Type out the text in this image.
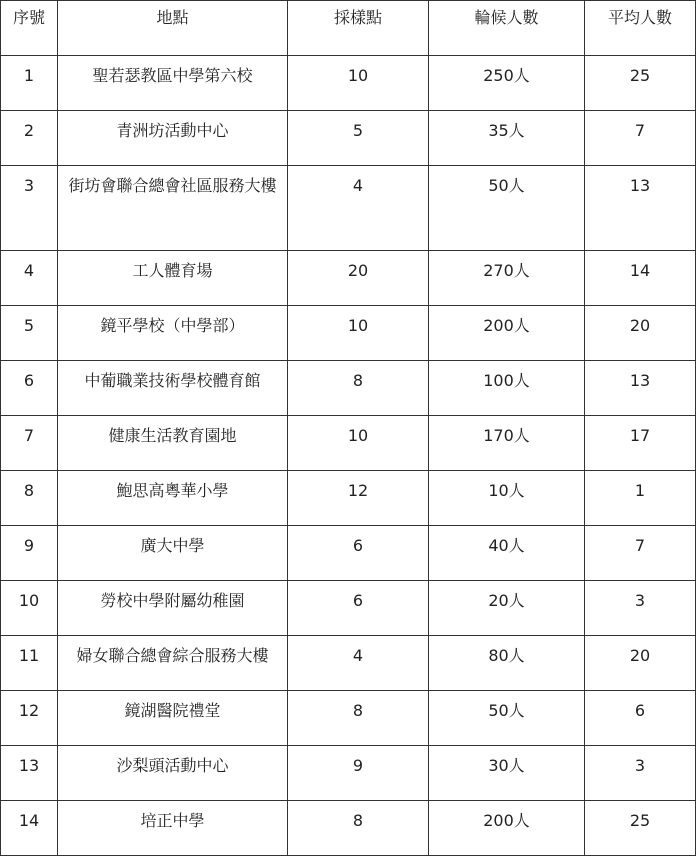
序號	地點	採樣點	輪候人數	平均人數
1	聖若瑟教區中學第六校	10	250人	25
2	青洲坊活動中心	5	35人	7
3	街坊會聯合總會社區服務大樓	4	50人	13
4	工人體育場	20	270人	14
5	鏡平學校（中學部）	10	200人	20
6	中葡職業技術學校體育館	8	100人	13
7	健康生活教育園地	10	170人	17
8	鮑思高粵華小學	12	10人	1
9	廣大中學	6	40人	7
10	勞校中學附屬幼稚園	6	20人	3
11	婦女聯合總會綜合服務大樓	4	80人	20
12	鏡湖醫院禮堂	8	50人	6
13	沙梨頭活動中心	9	30人	3
14	培正中學	8	200人	25
